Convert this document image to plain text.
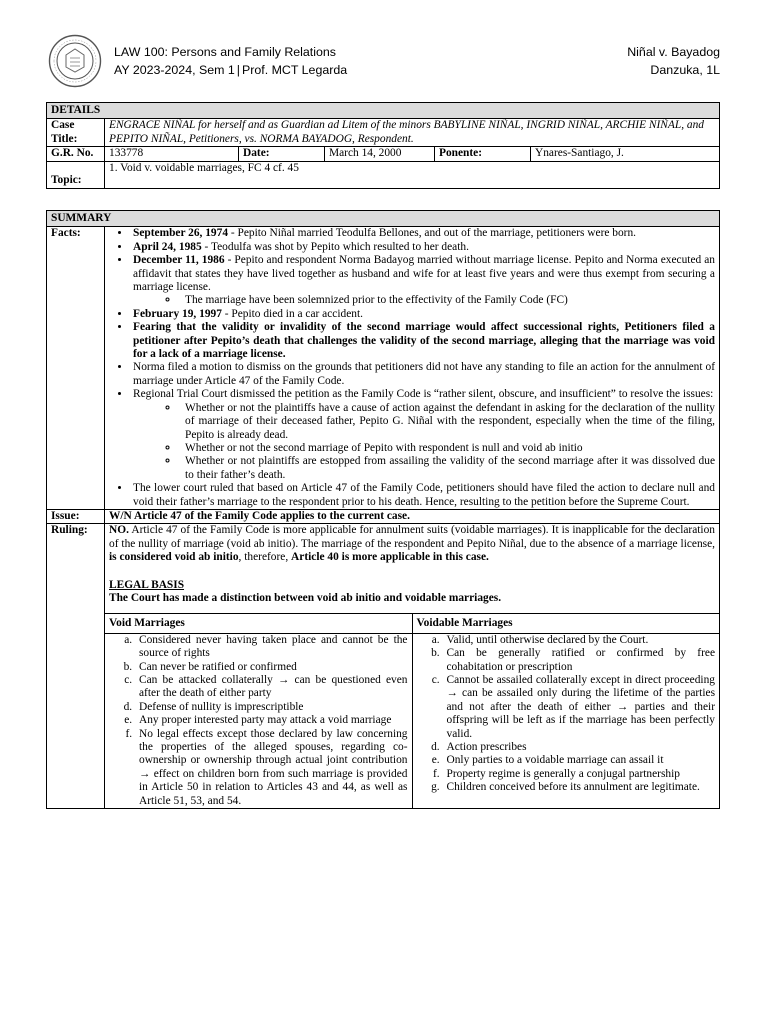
LAW 100: Persons and Family Relations
AY 2023-2024, Sem 1 | Prof. MCT Legarda
Niñal v. Bayadog
Danzuka, 1L
DETAILS					
Case Title:	ENGRACE NIÑAL for herself and as Guardian ad Litem of the minors BABYLINE NIÑAL, INGRID NIÑAL, ARCHIE NIÑAL, and PEPITO NIÑAL, Petitioners, vs. NORMA BAYADOG, Respondent.				
G.R. No.	133778	Date:	March 14, 2000	Ponente:	Ynares-Santiago, J.
Topic:	1. Void v. voidable marriages, FC 4 cf. 45				
SUMMARY
Facts:	
•September 26, 1974 - Pepito Niñal married Teodulfa Bellones, and out of the marriage, petitioners were born.
• April 24, 1985 - Teodulfa was shot by Pepito which resulted to her death.
• December 11, 1986 - Pepito and respondent Norma Badayog married without marriage license. Pepito and Norma executed an affidavit that states they have lived together as husband and wife for at least five years and were thus exempt from securing a marriage license.
◦ The marriage have been solemnized prior to the effectivity of the Family Code (FC)
• February 19, 1997 - Pepito died in a car accident.
• Fearing that the validity or invalidity of the second marriage would affect successional rights, Petitioners filed a petitioner after Pepito’s death that challenges the validity of the second marriage, alleging that the marriage was void for a lack of a marriage license.
• Norma filed a motion to dismiss on the grounds that petitioners did not have any standing to file an action for the annulment of marriage under Article 47 of the Family Code.
• Regional Trial Court dismissed the petition as the Family Code is “rather silent, obscure, and insufficient” to resolve the issues:
◦ Whether or not the plaintiffs have a cause of action against the defendant in asking for the declaration of the nullity of marriage of their deceased father, Pepito G. Niñal with the respondent, especially when the time of the filing, Pepito is already dead.
◦ Whether or not the second marriage of Pepito with respondent is null and void ab initio
◦ Whether or not plaintiffs are estopped from assailing the validity of the second marriage after it was dissolved due to their father’s death.
• The lower court ruled that based on Article 47 of the Family Code, petitioners should have filed the action to declare null and void their father’s marriage to the respondent prior to his death. Hence, resulting to the petition before the Supreme Court.

Issue:	W/N Article 47 of the Family Code applies to the current case.
Ruling:	NO. Article 47 of the Family Code is more applicable for annulment suits (voidable marriages). It is inapplicable for the declaration of the nullity of marriage (void ab initio). The marriage of the respondent and Pepito Niñal, due to the absence of a marriage license, is considered void ab initio, therefore, Article 40 is more applicable in this case.
LEGAL BASIS
The Court has made a distinction between void ab initio and voidable marriages.
Void Marriages	Voidable Marriages

a. Considered never having taken place and cannot be the source of rights
b. Can never be ratified or confirmed
c. Can be attacked collaterally → can be questioned even after the death of either party
d. Defense of nullity is imprescriptible
e. Any proper interested party may attack a void marriage
f. No legal effects except those declared by law concerning the properties of the alleged spouses, regarding co-ownership or ownership through actual joint contribution → effect on children born from such marriage is provided in Article 50 in relation to Articles 43 and 44, as well as Article 51, 53, and 54.

a. Valid, until otherwise declared by the Court.
b. Can be generally ratified or confirmed by free cohabitation or prescription
c. Cannot be assailed collaterally except in direct proceeding → can be assailed only during the lifetime of the parties and not after the death of either → parties and their offspring will be left as if the marriage has been perfectly valid.
d. Action prescribes
e. Only parties to a voidable marriage can assail it
f. Property regime is generally a conjugal partnership
g. Children conceived before its annulment are legitimate.
